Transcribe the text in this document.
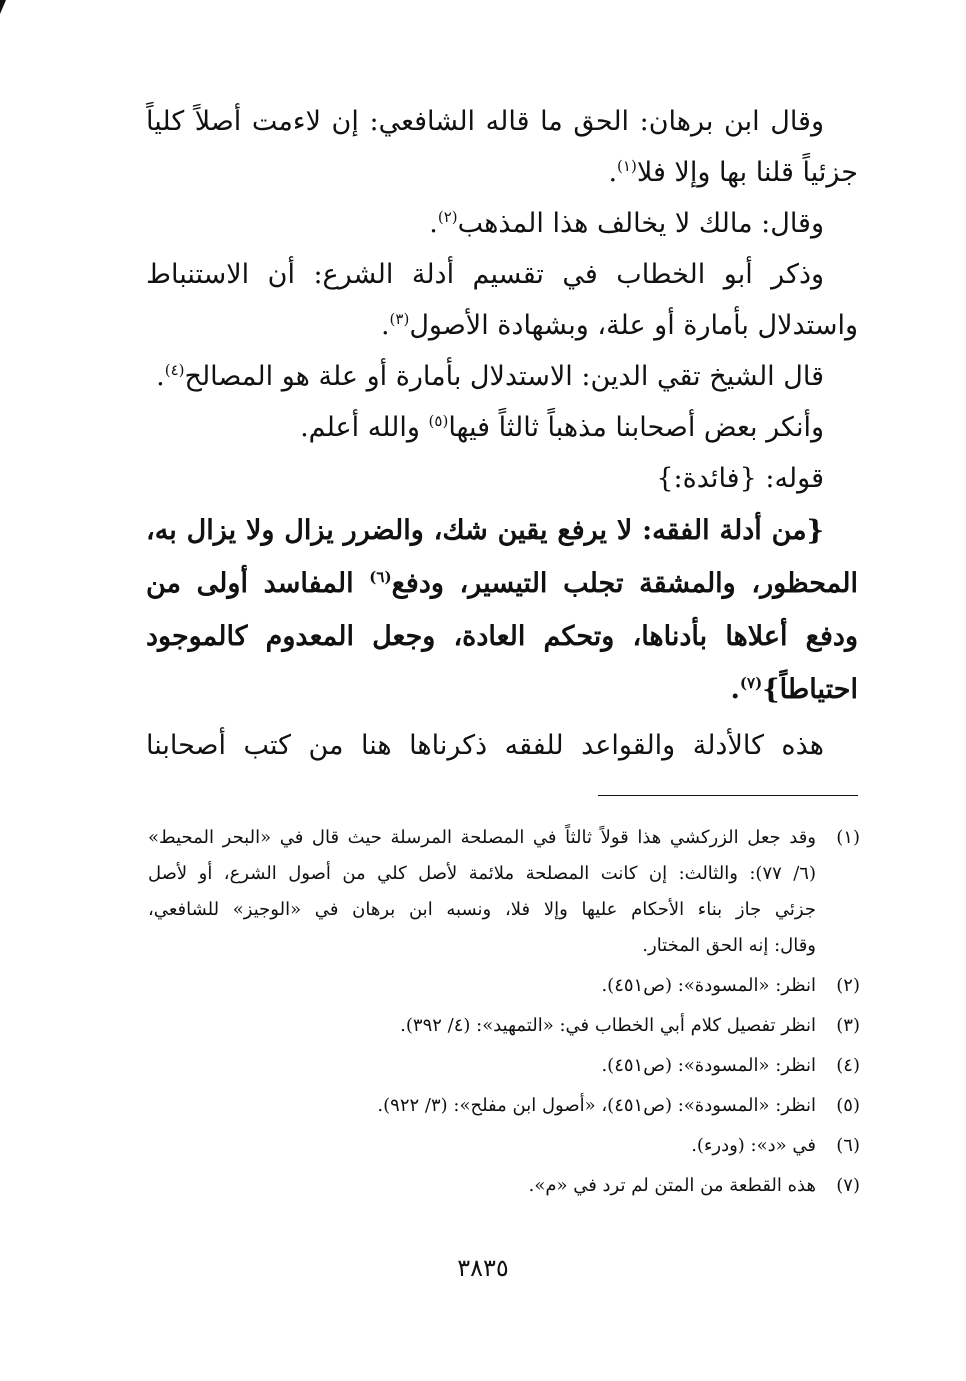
وقال ابن برهان: الحق ما قاله الشافعي: إن لاءمت أصلاً كلياً
جزئياً قلنا بها وإلا فلا$^{(١)}$.
وقال: مالك لا يخالف هذا المذهب$^{(٢)}$.
وذكر أبو الخطاب في تقسيم أدلة الشرع: أن الاستنباط
واستدلال بأمارة أو علة، وبشهادة الأصول$^{(٣)}$.
قال الشيخ تقي الدين: الاستدلال بأمارة أو علة هو المصالح$^{(٤)}$.
وأنكر بعض أصحابنا مذهباً ثالثاً فيها$^{(٥)}$ والله أعلم.
قوله: {فائدة:}
{من أدلة الفقه: لا يرفع يقين شك، والضرر يزال ولا يزال به،
المحظور، والمشقة تجلب التيسير، ودفع$^{(٦)}$ المفاسد أولى من
ودفع أعلاها بأدناها، وتحكم العادة، وجعل المعدوم كالموجود
احتياطاً}$^{(٧)}$.
هذه كالأدلة والقواعد للفقه ذكرناها هنا من كتب أصحابنا
(١)
وقد جعل الزركشي هذا قولاً ثالثاً في المصلحة المرسلة حيث قال في «البحر المحيط»
(٦/ ٧٧): والثالث: إن كانت المصلحة ملائمة لأصل كلي من أصول الشرع، أو لأصل
جزئي جاز بناء الأحكام عليها وإلا فلا، ونسبه ابن برهان في «الوجيز» للشافعي،
وقال: إنه الحق المختار.
(٢)
انظر: «المسودة»: (ص٤٥١).
(٣)
انظر تفصيل كلام أبي الخطاب في: «التمهيد»: (٤/ ٣٩٢).
(٤)
انظر: «المسودة»: (ص٤٥١).
(٥)
انظر: «المسودة»: (ص٤٥١)، «أصول ابن مفلح»: (٣/ ٩٢٢).
(٦)
في «د»: (ودرء).
(٧)
هذه القطعة من المتن لم ترد في «م».
٣٨٣٥
